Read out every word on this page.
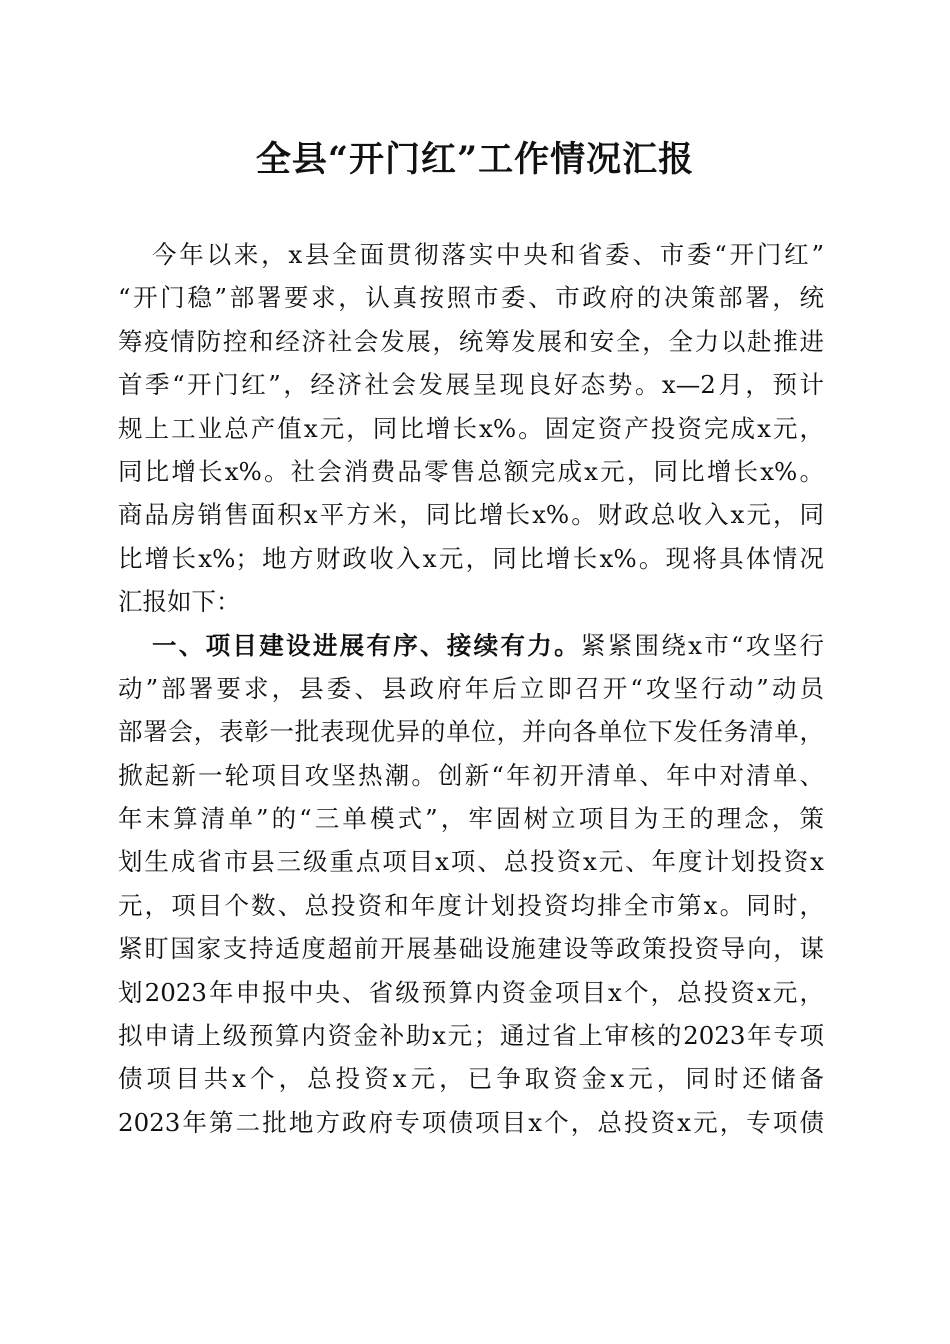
全县“开门红”工作情况汇报
今年以来，x县全面贯彻落实中央和省委、市委“开门红”
“开门稳”部署要求，认真按照市委、市政府的决策部署，统
筹疫情防控和经济社会发展，统筹发展和安全，全力以赴推进
首季“开门红”，经济社会发展呈现良好态势。x—2月，预计
规上工业总产值x元，同比增长x%。固定资产投资完成x元，
同比增长x%。社会消费品零售总额完成x元，同比增长x%。
商品房销售面积x平方米，同比增长x%。财政总收入x元，同
比增长x%；地方财政收入x元，同比增长x%。现将具体情况
汇报如下：
一、项目建设进展有序、接续有力。紧紧围绕x市“攻坚行
动”部署要求，县委、县政府年后立即召开“攻坚行动”动员
部署会，表彰一批表现优异的单位，并向各单位下发任务清单，
掀起新一轮项目攻坚热潮。创新“年初开清单、年中对清单、
年末算清单”的“三单模式”，牢固树立项目为王的理念，策
划生成省市县三级重点项目x项、总投资x元、年度计划投资x
元，项目个数、总投资和年度计划投资均排全市第x。同时，
紧盯国家支持适度超前开展基础设施建设等政策投资导向，谋
划2023年申报中央、省级预算内资金项目x个，总投资x元，
拟申请上级预算内资金补助x元；通过省上审核的2023年专项
债项目共x个，总投资x元，已争取资金x元，同时还储备
2023年第二批地方政府专项债项目x个，总投资x元，专项债
